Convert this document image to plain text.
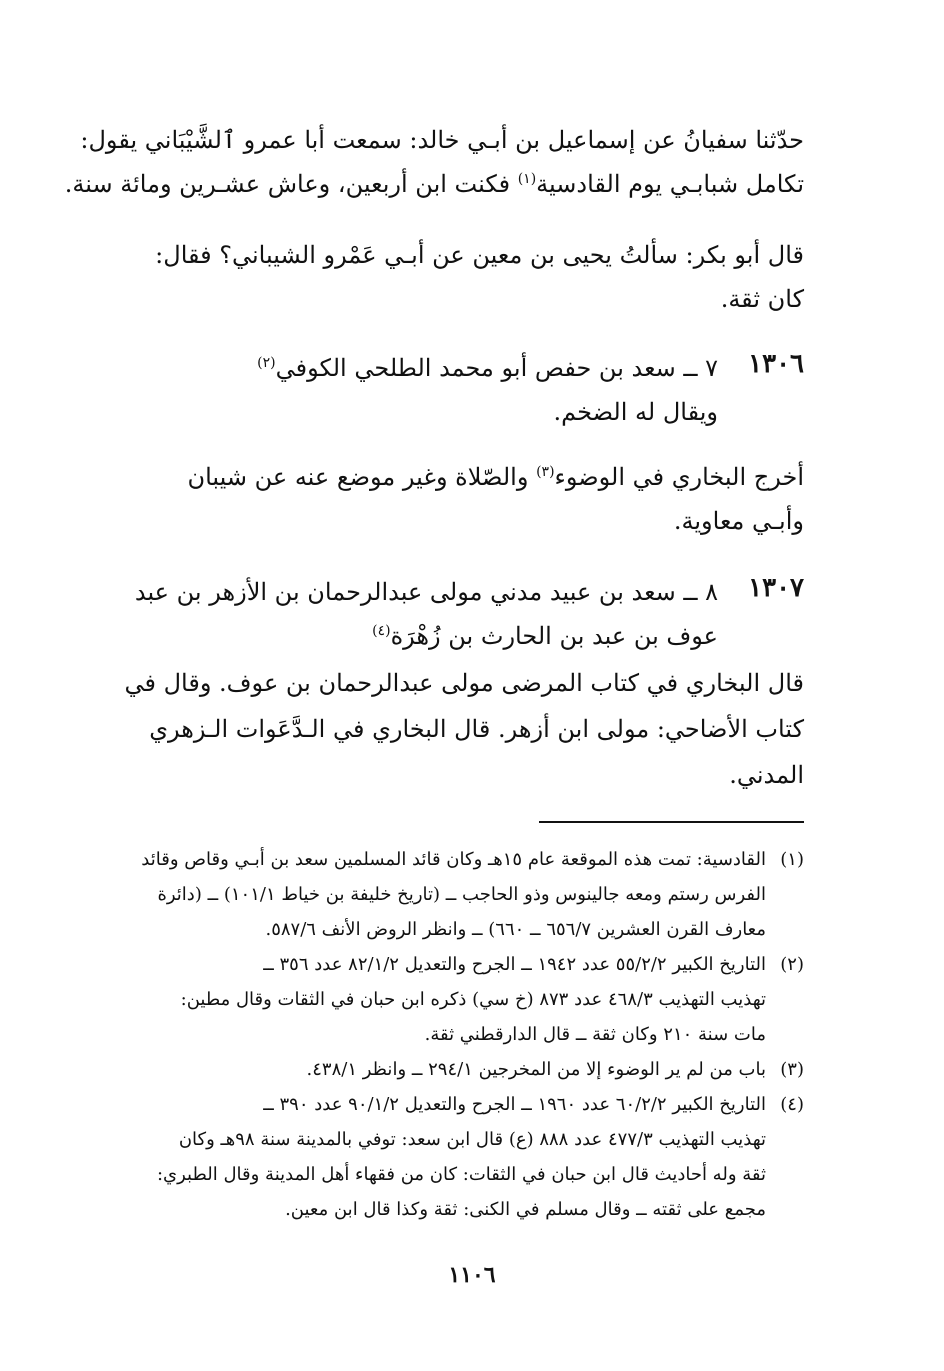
حدّثنا سفيانُ عن إسماعيل بن أبـي خالد: سمعت أبا عمرو ٱلشَّيْبَاني يقول:
تكامل شبابـي يوم القادسية$^{(١)}$ فكنت ابن أربعين، وعاش عشـرين ومائة سنة.

قال أبو بكر: سألتُ يحيى بن معين عن أبـي عَمْرو الشيباني؟ فقال:
كان ثقة.

١٣٠٦

٧ ــ سعد بن حفص أبو محمد الطلحي الكوفي$^{(٢)}$
ويقال له الضخم.

أخرج البخاري في الوضوء$^{(٣)}$ والصّلاة وغير موضع عنه عن شيبان
وأبـي معاوية.

١٣٠٧

٨ ــ سعد بن عبيد مدني مولى عبدالرحمان بن الأزهر بن عبد
عوف بن عبد بن الحارث بن زُهْرَة$^{(٤)}$

قال البخاري في كتاب المرضى مولى عبدالرحمان بن عوف. وقال في
كتاب الأضاحي: مولى ابن أزهر. قال البخاري في الـدَّعَوات الـزهري
المدني.

(١)
القادسية: تمت هذه الموقعة عام ١٥هـ وكان قائد المسلمين سعد بن أبـي وقاص وقائد
الفرس رستم ومعه جالينوس وذو الحاجب ــ (تاريخ خليفة بن خياط ١٠١/١) ــ (دائرة
معارف القرن العشرين ٦٥٦/٧ ــ ٦٦٠) ــ وانظر الروض الأنف ٥٨٧/٦.
(٢)
التاريخ الكبير ٥٥/٢/٢ عدد ١٩٤٢ ــ الجرح والتعديل ٨٢/١/٢ عدد ٣٥٦ ــ
تهذيب التهذيب ٤٦٨/٣ عدد ٨٧٣ (خ سي) ذكره ابن حبان في الثقات وقال مطين:
مات سنة ٢١٠ وكان ثقة ــ قال الدارقطني ثقة.
(٣)
باب من لم ير الوضوء إلا من المخرجين ٢٩٤/١ ــ وانظر ٤٣٨/١.
(٤)
التاريخ الكبير ٦٠/٢/٢ عدد ١٩٦٠ ــ الجرح والتعديل ٩٠/١/٢ عدد ٣٩٠ ــ
تهذيب التهذيب ٤٧٧/٣ عدد ٨٨٨ (ع) قال ابن سعد: توفي بالمدينة سنة ٩٨هـ وكان
ثقة وله أحاديث قال ابن حبان في الثقات: كان من فقهاء أهل المدينة وقال الطبري:
مجمع على ثقته ــ وقال مسلم في الكنى: ثقة وكذا قال ابن معين.
١١٠٦
